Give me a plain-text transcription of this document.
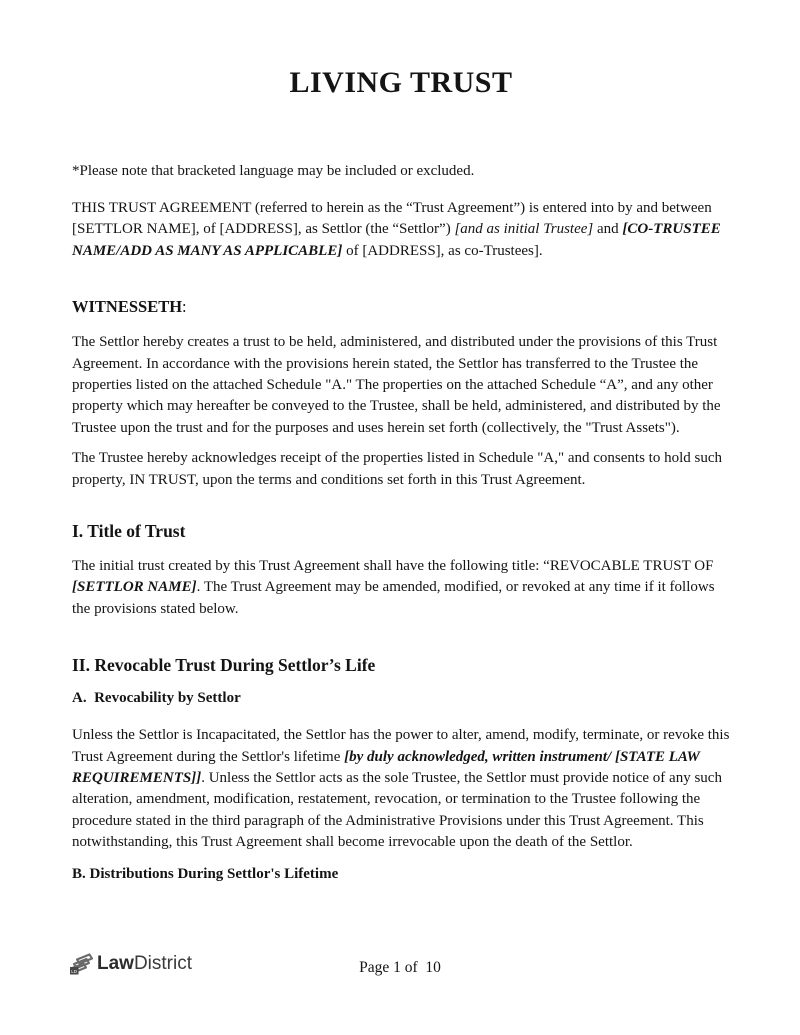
LIVING TRUST
*Please note that bracketed language may be included or excluded.
THIS TRUST AGREEMENT (referred to herein as the “Trust Agreement”) is entered into by and between [SETTLOR NAME], of [ADDRESS], as Settlor (the “Settlor”) [and as initial Trustee] and [CO-TRUSTEE NAME/ADD AS MANY AS APPLICABLE] of [ADDRESS], as co-Trustees].
WITNESSETH:
The Settlor hereby creates a trust to be held, administered, and distributed under the provisions of this Trust Agreement. In accordance with the provisions herein stated, the Settlor has transferred to the Trustee the properties listed on the attached Schedule "A." The properties on the attached Schedule “A”, and any other property which may hereafter be conveyed to the Trustee, shall be held, administered, and distributed by the Trustee upon the trust and for the purposes and uses herein set forth (collectively, the "Trust Assets").
The Trustee hereby acknowledges receipt of the properties listed in Schedule "A," and consents to hold such property, IN TRUST, upon the terms and conditions set forth in this Trust Agreement.
I. Title of Trust
The initial trust created by this Trust Agreement shall have the following title: “REVOCABLE TRUST OF [SETTLOR NAME]. The Trust Agreement may be amended, modified, or revoked at any time if it follows the provisions stated below.
II. Revocable Trust During Settlor’s Life
A.  Revocability by Settlor
Unless the Settlor is Incapacitated, the Settlor has the power to alter, amend, modify, terminate, or revoke this Trust Agreement during the Settlor's lifetime [by duly acknowledged, written instrument/ [STATE LAW REQUIREMENTS]]. Unless the Settlor acts as the sole Trustee, the Settlor must provide notice of any such alteration, amendment, modification, restatement, revocation, or termination to the Trustee following the procedure stated in the third paragraph of the Administrative Provisions under this Trust Agreement. This notwithstanding, this Trust Agreement shall become irrevocable upon the death of the Settlor.
B. Distributions During Settlor's Lifetime
LD LawDistrict	Page 1 of  10
